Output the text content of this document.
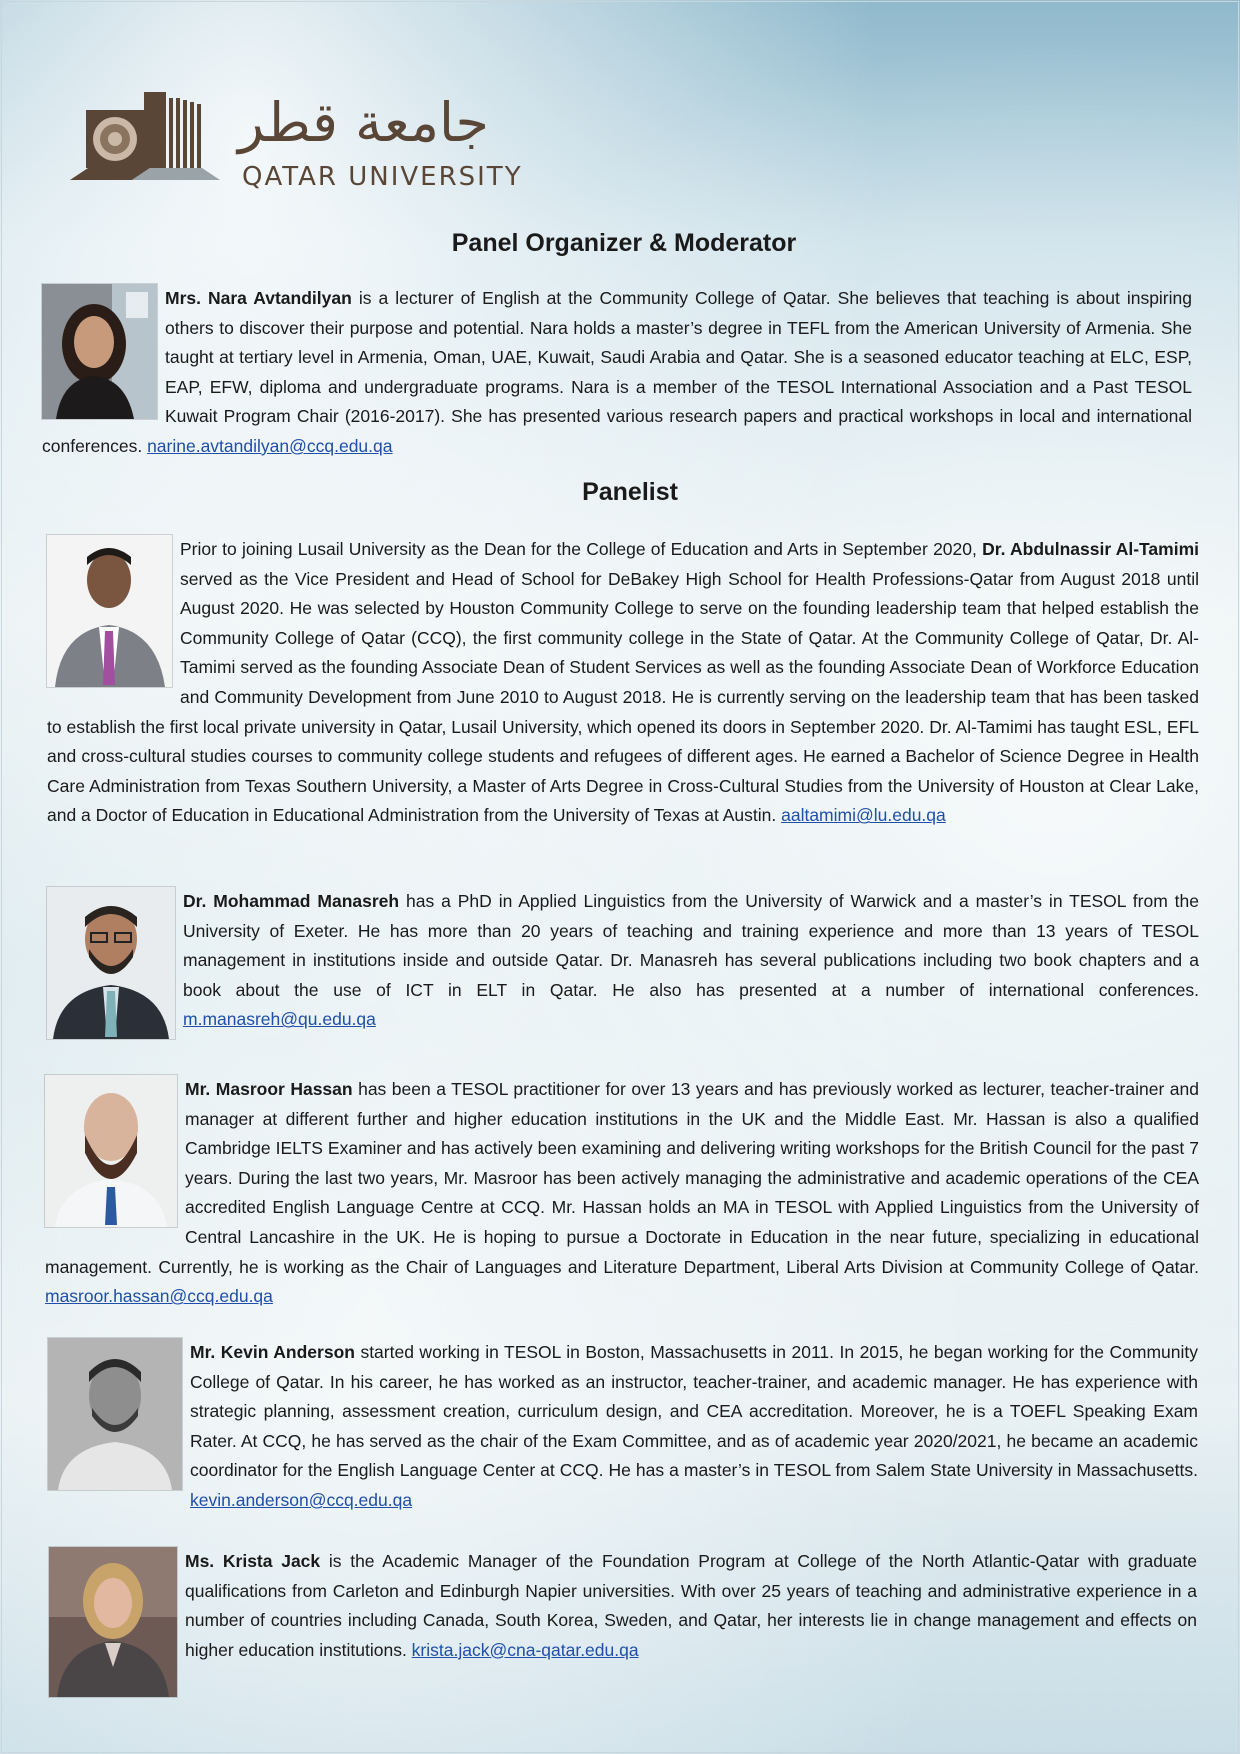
جامعة قطر
QATAR UNIVERSITY
Panel Organizer & Moderator

Mrs. Nara Avtandilyan is a lecturer of English at the Community College of Qatar. She believes that teaching is about inspiring others to discover their purpose and potential. Nara holds a master’s degree in TEFL from the American University of Armenia. She taught at tertiary level in Armenia, Oman, UAE, Kuwait, Saudi Arabia and Qatar. She is a seasoned educator teaching at ELC, ESP, EAP, EFW, diploma and undergraduate programs. Nara is a member of the TESOL International Association and a Past TESOL Kuwait Program Chair (2016-2017). She has presented various research papers and practical workshops in local and international conferences. narine.avtandilyan@ccq.edu.qa

Panelist

Prior to joining Lusail University as the Dean for the College of Education and Arts in September 2020, Dr. Abdulnassir Al-Tamimi served as the Vice President and Head of School for DeBakey High School for Health Professions-Qatar from August 2018 until August 2020. He was selected by Houston Community College to serve on the founding leadership team that helped establish the Community College of Qatar (CCQ), the first community college in the State of Qatar. At the Community College of Qatar, Dr. Al-Tamimi served as the founding Associate Dean of Student Services as well as the founding Associate Dean of Workforce Education and Community Development from June 2010 to August 2018. He is currently serving on the leadership team that has been tasked to establish the first local private university in Qatar, Lusail University, which opened its doors in September 2020. Dr. Al-Tamimi has taught ESL, EFL and cross-cultural studies courses to community college students and refugees of different ages. He earned a Bachelor of Science Degree in Health Care Administration from Texas Southern University, a Master of Arts Degree in Cross-Cultural Studies from the University of Houston at Clear Lake, and a Doctor of Education in Educational Administration from the University of Texas at Austin. aaltamimi@lu.edu.qa

Dr. Mohammad Manasreh has a PhD in Applied Linguistics from the University of Warwick and a master’s in TESOL from the University of Exeter. He has more than 20 years of teaching and training experience and more than 13 years of TESOL management in institutions inside and outside Qatar. Dr. Manasreh has several publications including two book chapters and a book about the use of ICT in ELT in Qatar. He also has presented at a number of international conferences. m.manasreh@qu.edu.qa

Mr. Masroor Hassan has been a TESOL practitioner for over 13 years and has previously worked as lecturer, teacher-trainer and manager at different further and higher education institutions in the UK and the Middle East. Mr. Hassan is also a qualified Cambridge IELTS Examiner and has actively been examining and delivering writing workshops for the British Council for the past 7 years. During the last two years, Mr. Masroor has been actively managing the administrative and academic operations of the CEA accredited English Language Centre at CCQ. Mr. Hassan holds an MA in TESOL with Applied Linguistics from the University of Central Lancashire in the UK. He is hoping to pursue a Doctorate in Education in the near future, specializing in educational management. Currently, he is working as the Chair of Languages and Literature Department, Liberal Arts Division at Community College of Qatar. masroor.hassan@ccq.edu.qa

Mr. Kevin Anderson started working in TESOL in Boston, Massachusetts in 2011. In 2015, he began working for the Community College of Qatar. In his career, he has worked as an instructor, teacher-trainer, and academic manager. He has experience with strategic planning, assessment creation, curriculum design, and CEA accreditation. Moreover, he is a TOEFL Speaking Exam Rater. At CCQ, he has served as the chair of the Exam Committee, and as of academic year 2020/2021, he became an academic coordinator for the English Language Center at CCQ. He has a master’s in TESOL from Salem State University in Massachusetts. kevin.anderson@ccq.edu.qa

Ms. Krista Jack is the Academic Manager of the Foundation Program at College of the North Atlantic-Qatar with graduate qualifications from Carleton and Edinburgh Napier universities. With over 25 years of teaching and administrative experience in a number of countries including Canada, South Korea, Sweden, and Qatar, her interests lie in change management and effects on higher education institutions. krista.jack@cna-qatar.edu.qa
